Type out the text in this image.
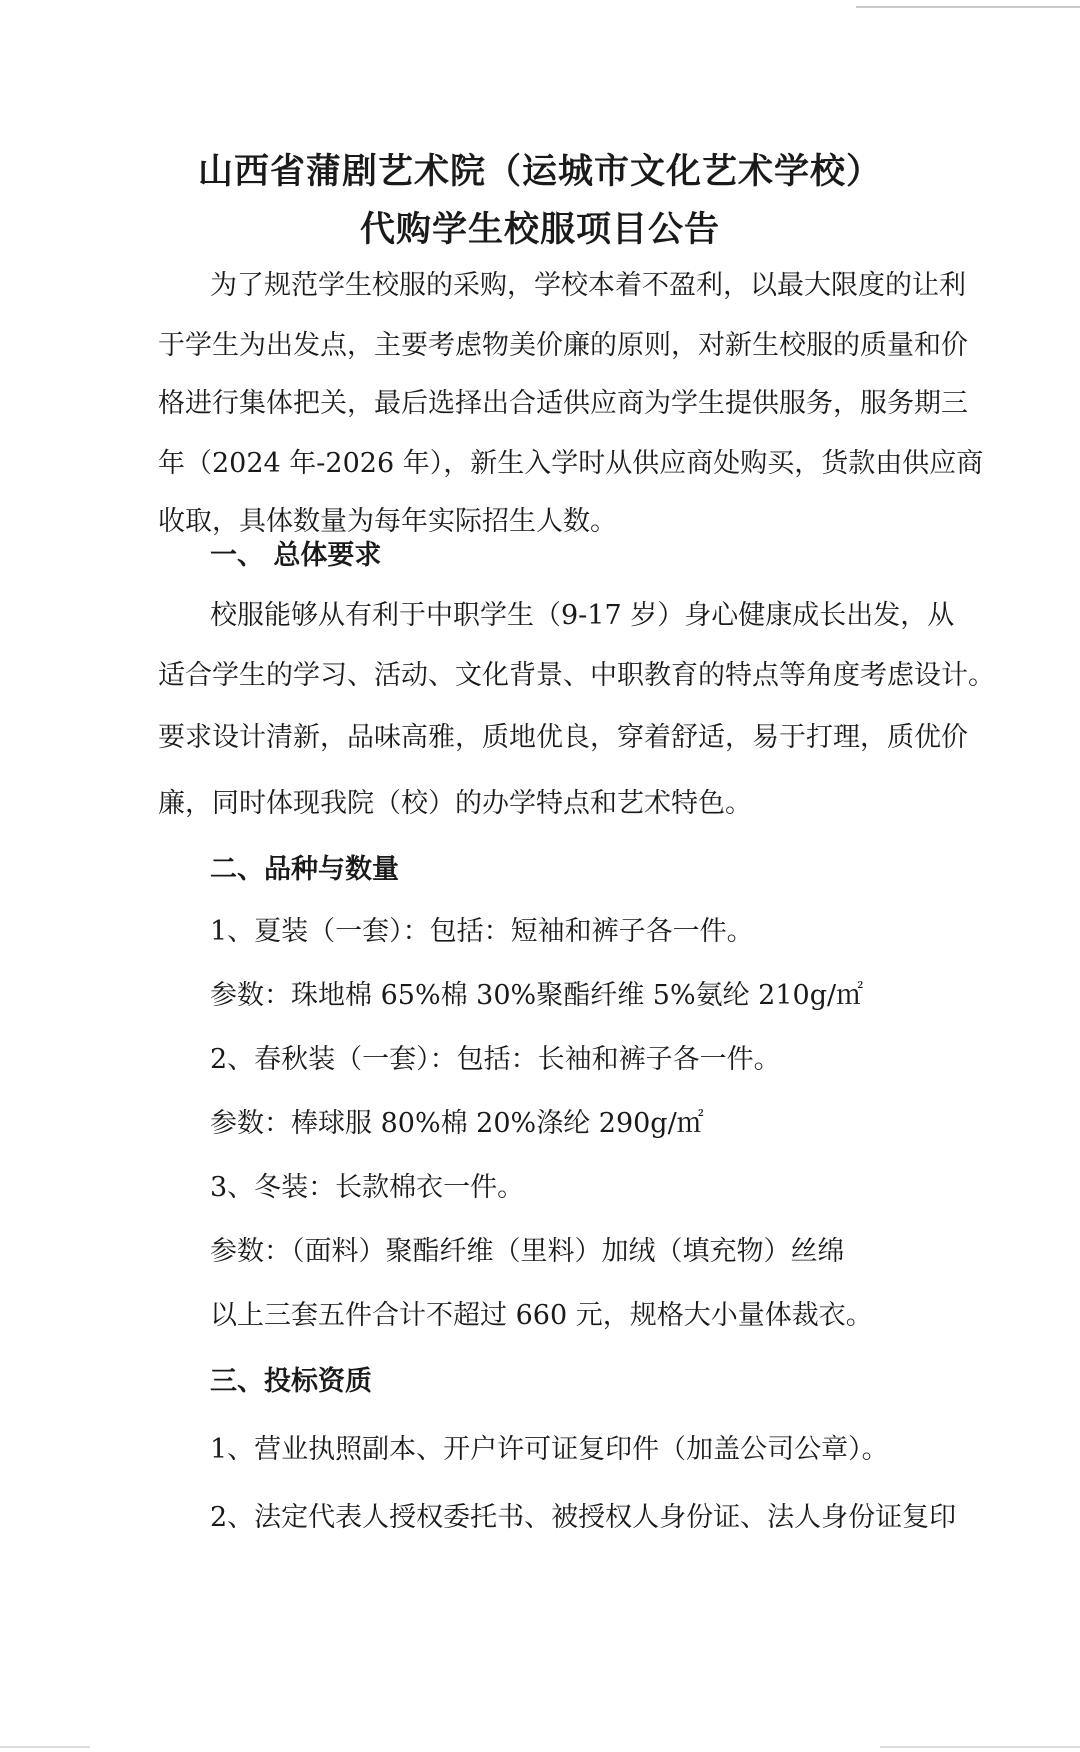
山西省蒲剧艺术院（运城市文化艺术学校）
代购学生校服项目公告
为了规范学生校服的采购，学校本着不盈利，以最大限度的让利
于学生为出发点，主要考虑物美价廉的原则，对新生校服的质量和价
格进行集体把关，最后选择出合适供应商为学生提供服务，服务期三
年（2024 年-2026 年），新生入学时从供应商处购买，货款由供应商
收取，具体数量为每年实际招生人数。
一、 总体要求
校服能够从有利于中职学生（9-17 岁）身心健康成长出发，从
适合学生的学习、活动、文化背景、中职教育的特点等角度考虑设计。
要求设计清新，品味高雅，质地优良，穿着舒适，易于打理，质优价
廉，同时体现我院（校）的办学特点和艺术特色。
二、品种与数量
1、夏装（一套）：包括：短袖和裤子各一件。
参数：珠地棉 65%棉 30%聚酯纤维 5%氨纶 210g/㎡
2、春秋装（一套）：包括：长袖和裤子各一件。
参数：棒球服 80%棉 20%涤纶 290g/㎡
3、冬装：长款棉衣一件。
参数：（面料）聚酯纤维（里料）加绒（填充物）丝绵
以上三套五件合计不超过 660 元，规格大小量体裁衣。
三、投标资质
1、营业执照副本、开户许可证复印件（加盖公司公章）。
2、法定代表人授权委托书、被授权人身份证、法人身份证复印
